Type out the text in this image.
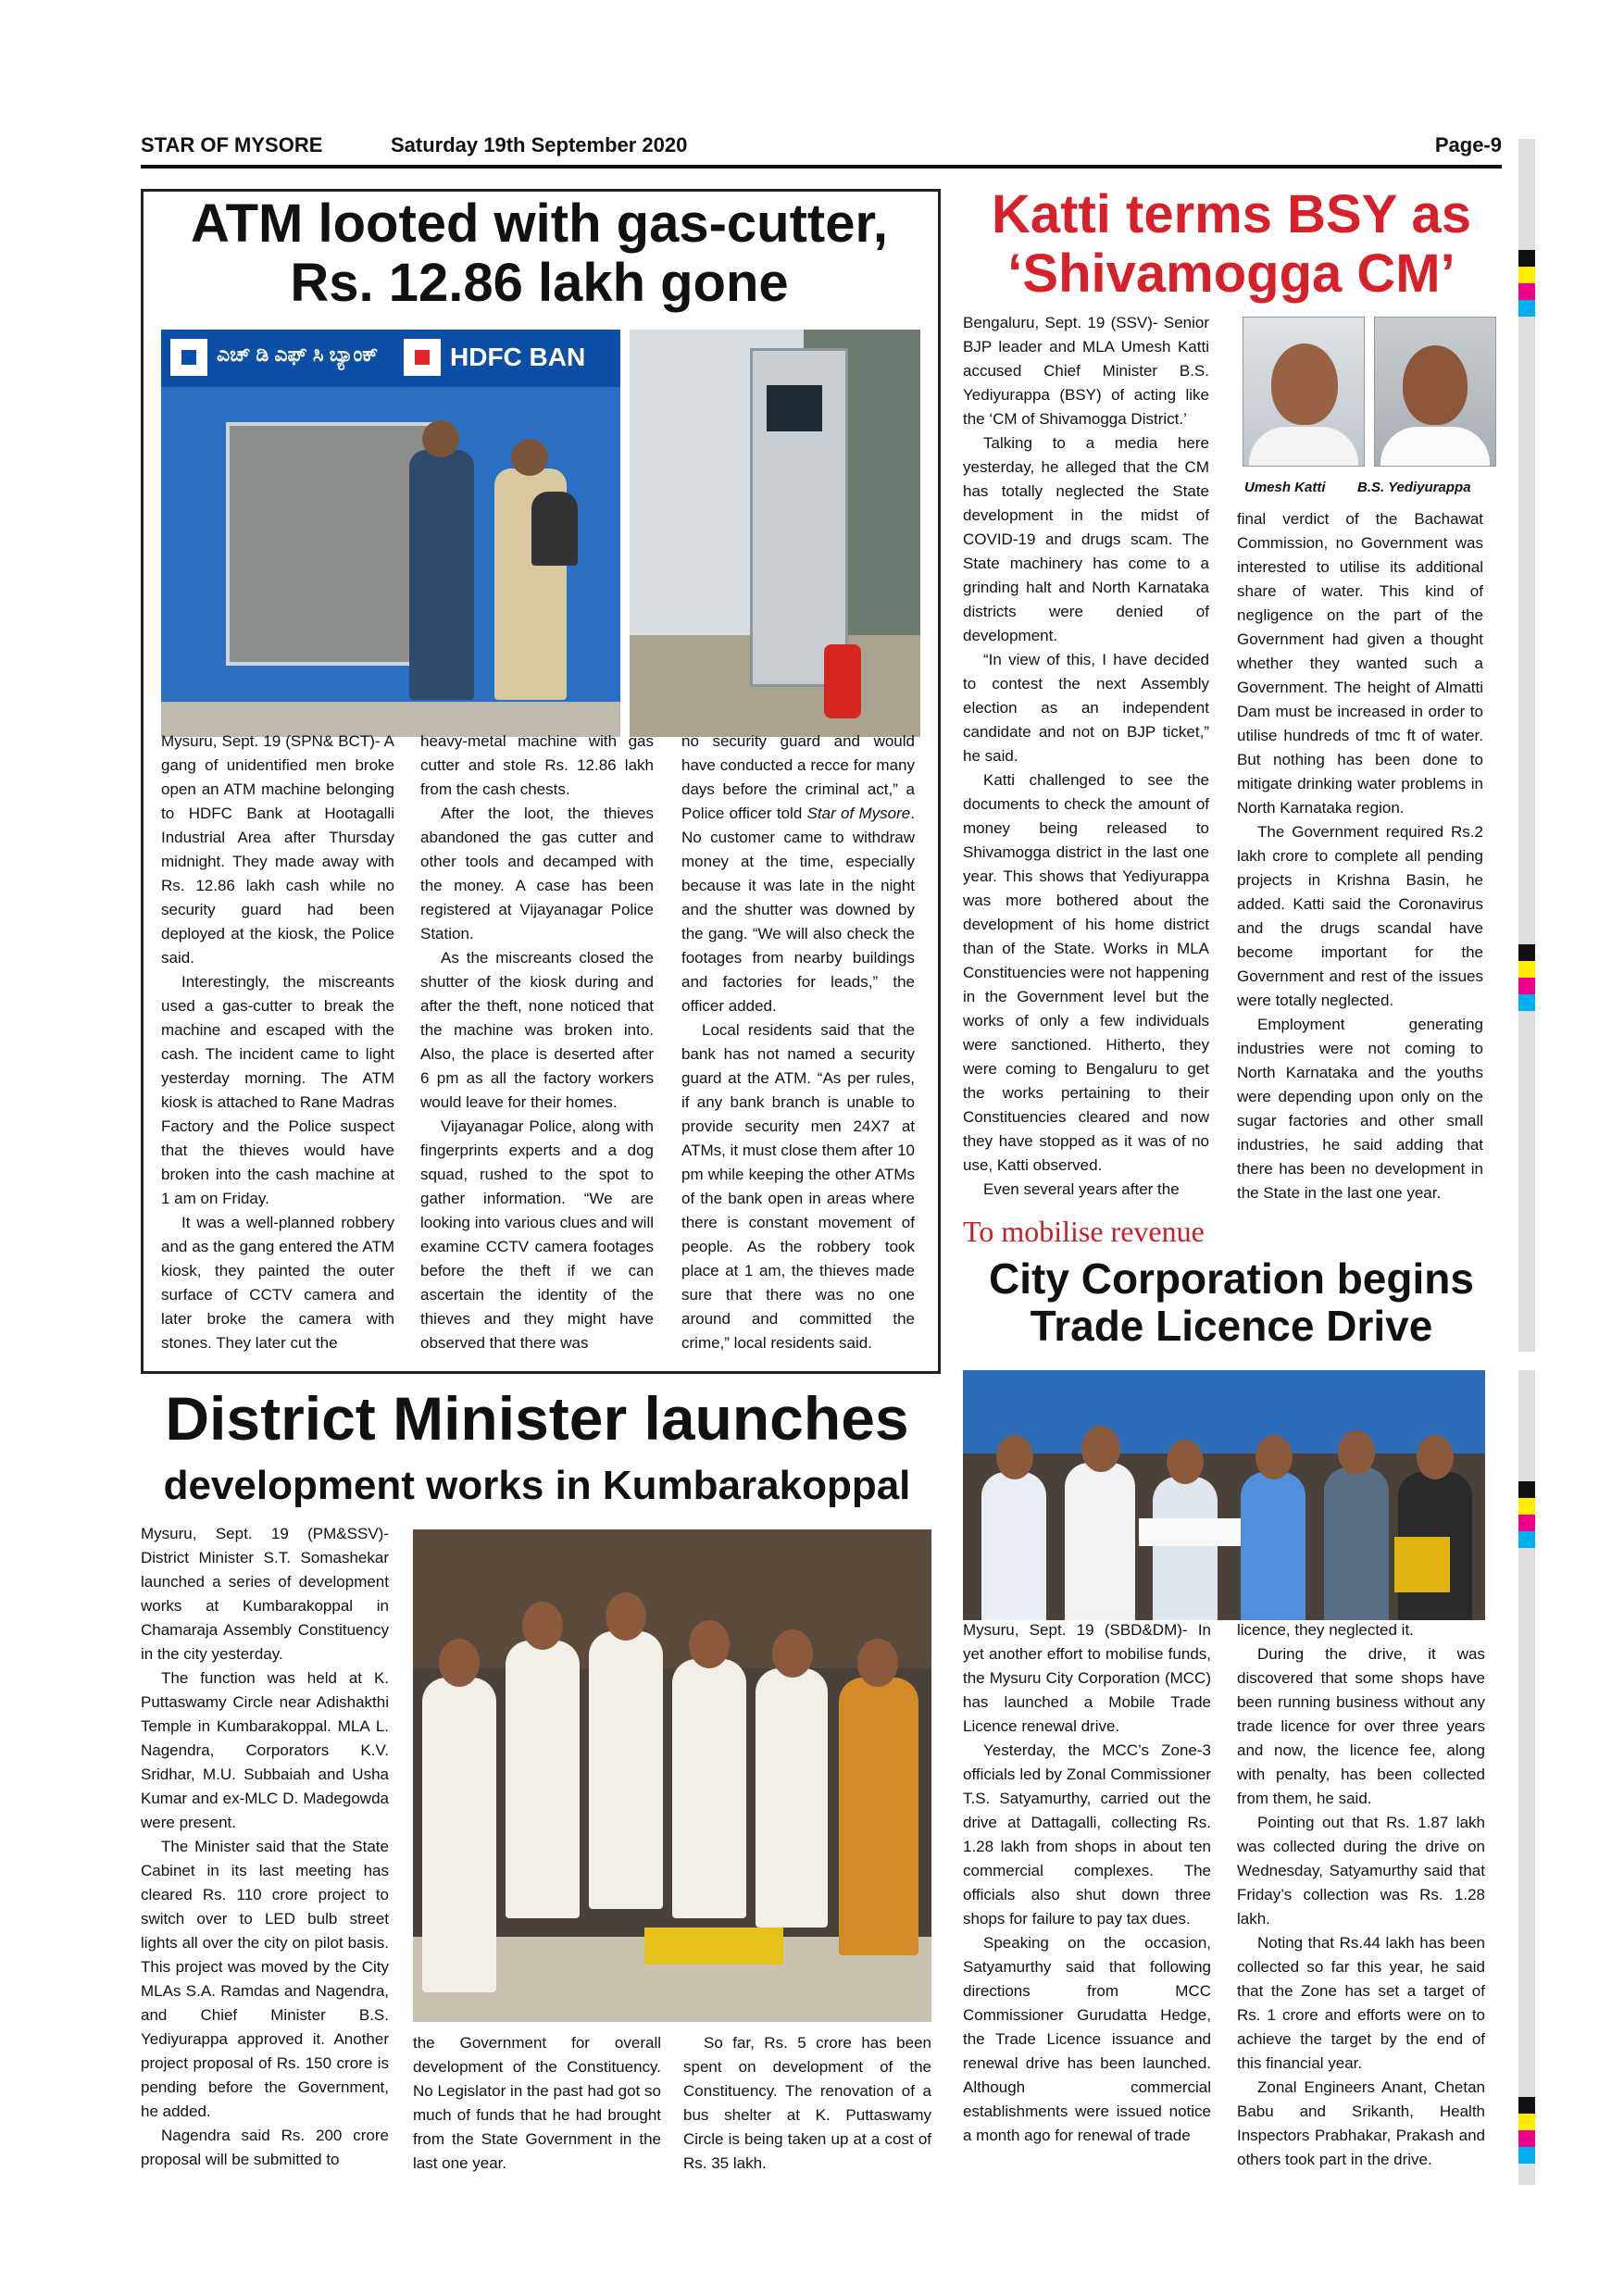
STAR OF MYSORE	Saturday 19th September 2020	Page-9
ATM looted with gas-cutter,
Rs. 12.86 lakh gone
ಎಚ್ ಡಿ ಎಫ್ ಸಿ ಬ್ಯಾಂಕ್	HDFC BAN

Mysuru, Sept. 19 (SPN& BCT)- A gang of unidentified men broke open an ATM machine belonging to HDFC Bank at Hootagalli Industrial Area after Thursday midnight. They made away with Rs. 12.86 lakh cash while no security guard had been deployed at the kiosk, the Police said.

Interestingly, the miscreants used a gas-cutter to break the machine and escaped with the cash. The incident came to light yesterday morning. The ATM kiosk is attached to Rane Madras Factory and the Police suspect that the thieves would have broken into the cash machine at 1 am on Friday.

It was a well-planned robbery and as the gang entered the ATM kiosk, they painted the outer surface of CCTV camera and later broke the camera with stones. They later cut the

heavy-metal machine with gas cutter and stole Rs. 12.86 lakh from the cash chests.

After the loot, the thieves abandoned the gas cutter and other tools and decamped with the money. A case has been registered at Vijayanagar Police Station.

As the miscreants closed the shutter of the kiosk during and after the theft, none noticed that the machine was broken into. Also, the place is deserted after 6 pm as all the factory workers would leave for their homes.

Vijayanagar Police, along with fingerprints experts and a dog squad, rushed to the spot to gather information. “We are looking into various clues and will examine CCTV camera footages before the theft if we can ascertain the identity of the thieves and they might have observed that there was

no security guard and would have conducted a recce for many days before the criminal act,” a Police officer told Star of Mysore. No customer came to withdraw money at the time, especially because it was late in the night and the shutter was downed by the gang. “We will also check the footages from nearby buildings and factories for leads,” the officer added.

Local residents said that the bank has not named a security guard at the ATM. “As per rules, if any bank branch is unable to provide security men 24X7 at ATMs, it must close them after 10 pm while keeping the other ATMs of the bank open in areas where there is constant movement of people. As the robbery took place at 1 am, the thieves made sure that there was no one around and committed the crime,” local residents said.

Katti terms BSY as
‘Shivamogga CM’
Umesh Katti B.S. Yediyurappa

Bengaluru, Sept. 19 (SSV)- Senior BJP leader and MLA Umesh Katti accused Chief Minister B.S. Yediyurappa (BSY) of acting like the ‘CM of Shivamogga District.’

Talking to a media here yesterday, he alleged that the CM has totally neglected the State development in the midst of COVID-19 and drugs scam. The State machinery has come to a grinding halt and North Karnataka districts were denied of development.

“In view of this, I have decided to contest the next Assembly election as an independent candidate and not on BJP ticket,” he said.

Katti challenged to see the documents to check the amount of money being released to Shivamogga district in the last one year. This shows that Yediyurappa was more bothered about the development of his home district than of the State. Works in MLA Constituencies were not happening in the Government level but the works of only a few individuals were sanctioned. Hitherto, they were coming to Bengaluru to get the works pertaining to their Constituencies cleared and now they have stopped as it was of no use, Katti observed.

Even several years after the

final verdict of the Bachawat Commission, no Government was interested to utilise its additional share of water. This kind of negligence on the part of the Government had given a thought whether they wanted such a Government. The height of Almatti Dam must be increased in order to utilise hundreds of tmc ft of water. But nothing has been done to mitigate drinking water problems in North Karnataka region.

The Government required Rs.2 lakh crore to complete all pending projects in Krishna Basin, he added. Katti said the Coronavirus and the drugs scandal have become important for the Government and rest of the issues were totally neglected.

Employment generating industries were not coming to North Karnataka and the youths were depending upon only on the sugar factories and other small industries, he said adding that there has been no development in the State in the last one year.

To mobilise revenue
City Corporation begins
Trade Licence Drive

Mysuru, Sept. 19 (SBD&DM)- In yet another effort to mobilise funds, the Mysuru City Corporation (MCC) has launched a Mobile Trade Licence renewal drive.

Yesterday, the MCC’s Zone-3 officials led by Zonal Commissioner T.S. Satyamurthy, carried out the drive at Dattagalli, collecting Rs. 1.28 lakh from shops in about ten commercial complexes. The officials also shut down three shops for failure to pay tax dues.

Speaking on the occasion, Satyamurthy said that following directions from MCC Commissioner Gurudatta Hedge, the Trade Licence issuance and renewal drive has been launched. Although commercial establishments were issued notice a month ago for renewal of trade

licence, they neglected it.

During the drive, it was discovered that some shops have been running business without any trade licence for over three years and now, the licence fee, along with penalty, has been collected from them, he said.

Pointing out that Rs. 1.87 lakh was collected during the drive on Wednesday, Satyamurthy said that Friday’s collection was Rs. 1.28 lakh.

Noting that Rs.44 lakh has been collected so far this year, he said that the Zone has set a target of Rs. 1 crore and efforts were on to achieve the target by the end of this financial year.

Zonal Engineers Anant, Chetan Babu and Srikanth, Health Inspectors Prabhakar, Prakash and others took part in the drive.

District Minister launches
development works in Kumbarakoppal

Mysuru, Sept. 19 (PM&SSV)- District Minister S.T. Somashekar launched a series of development works at Kumbarakoppal in Chamaraja Assembly Constituency in the city yesterday.

The function was held at K. Puttaswamy Circle near Adishakthi Temple in Kumbarakoppal. MLA L. Nagendra, Corporators K.V. Sridhar, M.U. Subbaiah and Usha Kumar and ex-MLC D. Madegowda were present.

The Minister said that the State Cabinet in its last meeting has cleared Rs. 110 crore project to switch over to LED bulb street lights all over the city on pilot basis. This project was moved by the City MLAs S.A. Ramdas and Nagendra, and Chief Minister B.S. Yediyurappa approved it. Another project proposal of Rs. 150 crore is pending before the Government, he added.

Nagendra said Rs. 200 crore proposal will be submitted to

the Government for overall development of the Constituency. No Legislator in the past had got so much of funds that he had brought from the State Government in the last one year.

So far, Rs. 5 crore has been spent on development of the Constituency. The renovation of a bus shelter at K. Puttaswamy Circle is being taken up at a cost of Rs. 35 lakh.
